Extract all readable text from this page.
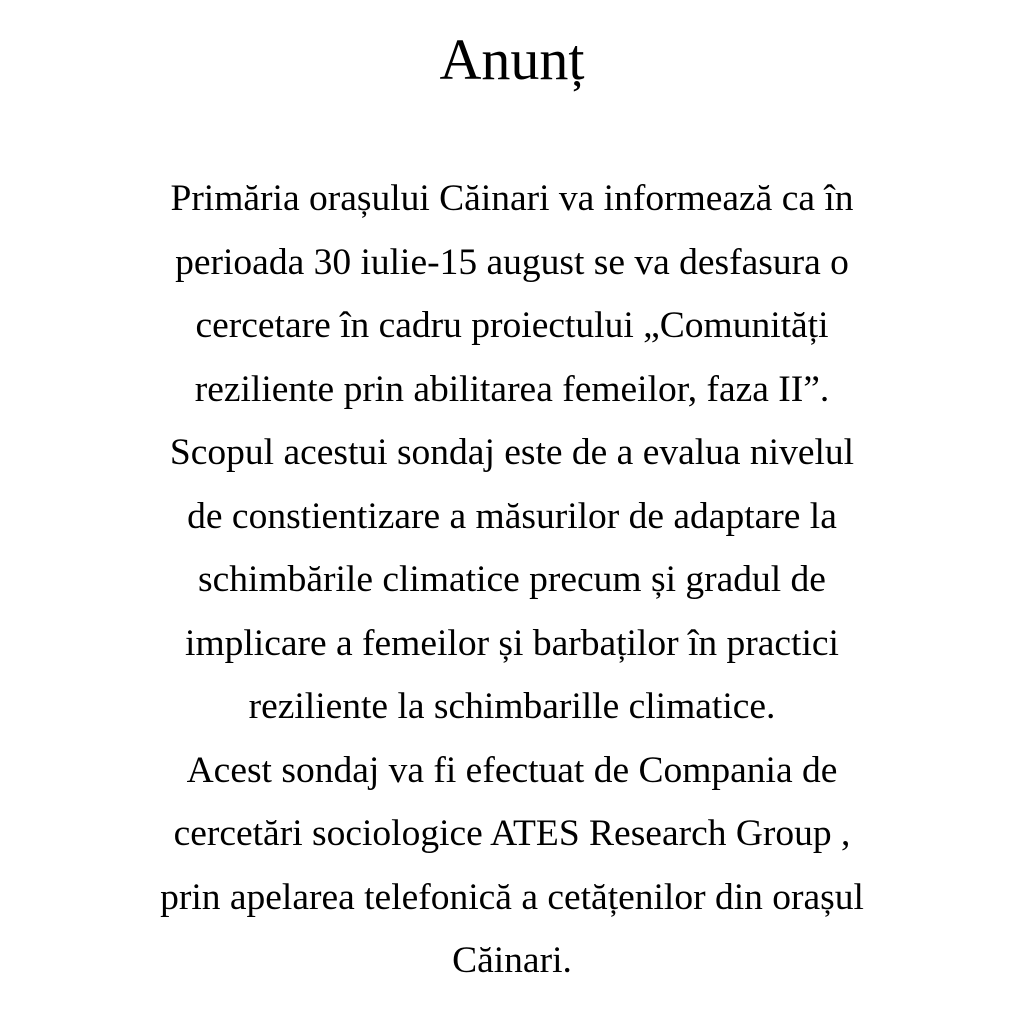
Anunț
Primăria orașului Căinari va informează ca în
perioada 30 iulie-15 august se va desfasura o
cercetare în cadru proiectului „Comunități
reziliente prin abilitarea femeilor, faza II”.
Scopul acestui sondaj este de a evalua nivelul
de constientizare a măsurilor de adaptare la
schimbările climatice precum și gradul de
implicare a femeilor și barbaților în practici
reziliente la schimbarille climatice.
Acest sondaj va fi efectuat de Compania de
cercetări sociologice ATES Research Group ,
prin apelarea telefonică a cetățenilor din orașul
Căinari.
